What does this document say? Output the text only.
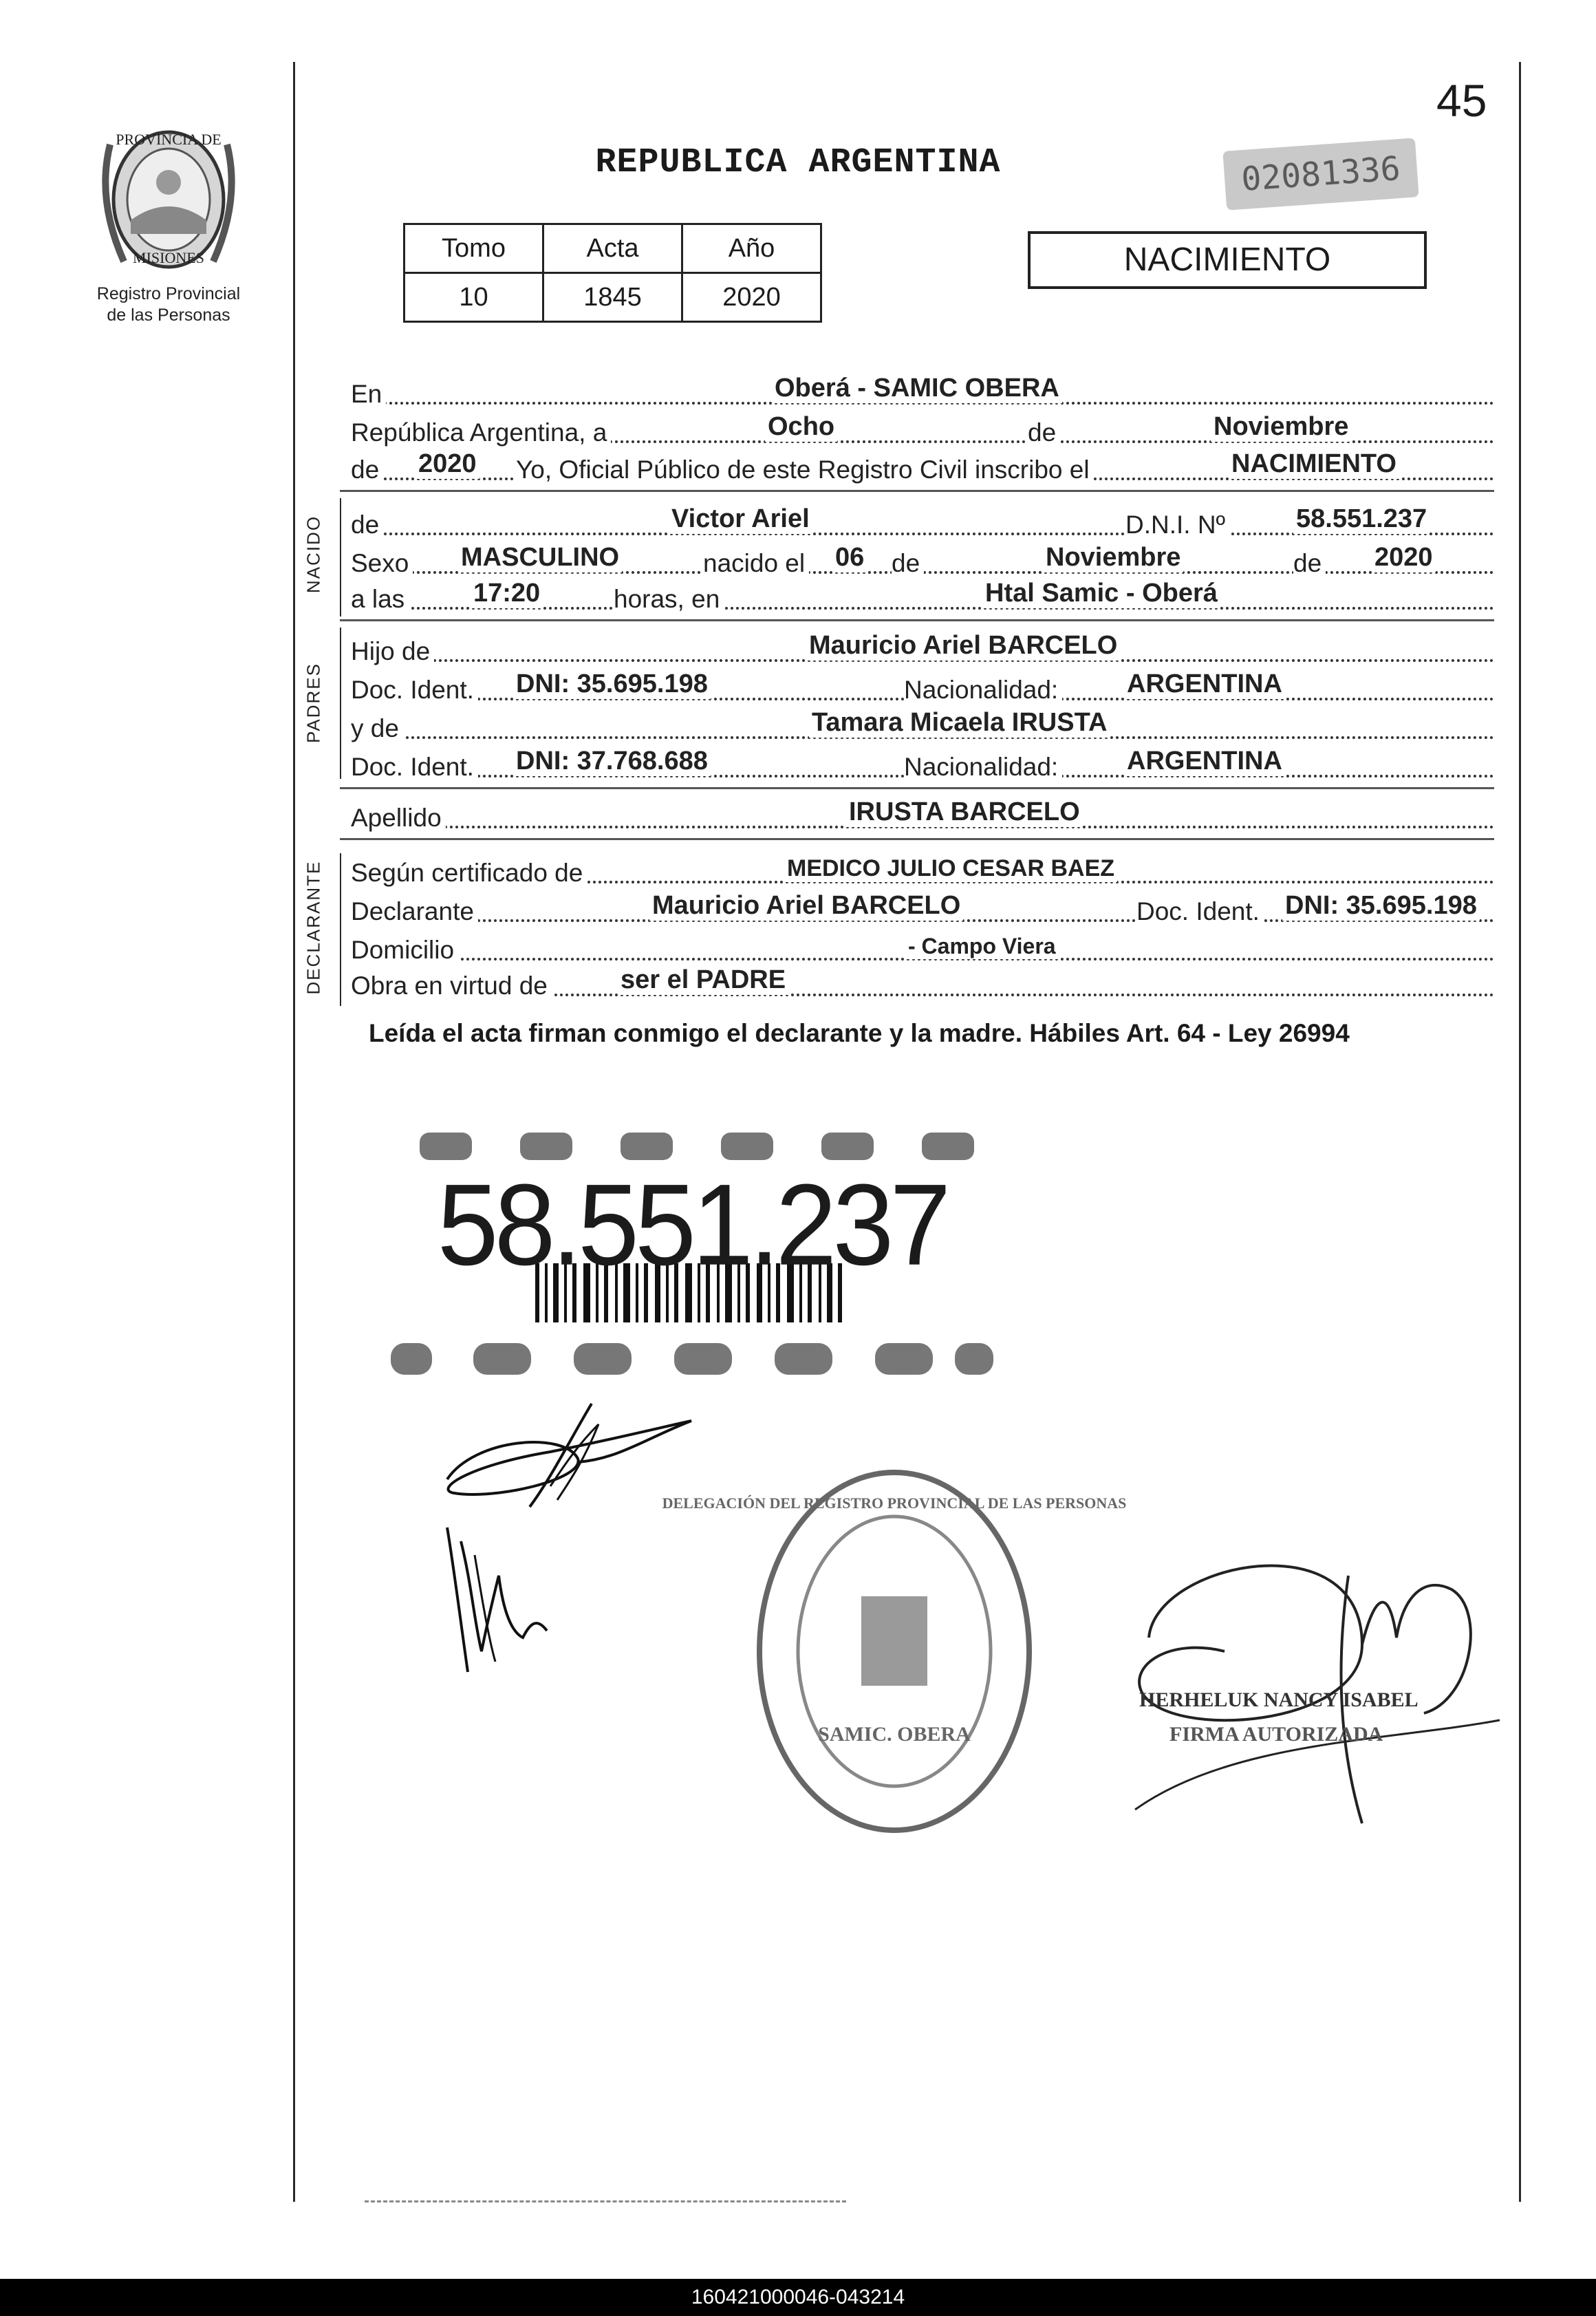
45
PROVINCIA DE
MISIONES
Registro Provincial
de las Personas
REPUBLICA ARGENTINA	02081336
Tomo	Acta	Año
10	1845	2020
NACIMIENTO
En	Oberá - SAMIC OBERA
República Argentina, a	Ocho	de	Noviembre
de 2020 Yo, Oficial Público de este Registro Civil inscribo el	NACIMIENTO
NACIDO de	Victor Ariel	D.N.I. Nº	58.551.237
Sexo MASCULINO	nacido el 06 de	Noviembre	de 2020
a las	17:20	horas, en	Htal Samic - Oberá
PADRES
Hijo de	Mauricio Ariel BARCELO
Doc. Ident. DNI: 35.695.198	Nacionalidad:	ARGENTINA
y de	Tamara Micaela IRUSTA
Doc. Ident. DNI: 37.768.688	Nacionalidad:	ARGENTINA
Apellido	IRUSTA BARCELO
DECLARANTE Según certificado de	MEDICO JULIO CESAR BAEZ
Declarante	Mauricio Ariel BARCELO	Doc. Ident. DNI: 35.695.198
Domicilio	- Campo Viera
Obra en virtud de	ser el PADRE
Leída el acta firman conmigo el declarante y la madre. Hábiles Art. 64 - Ley 26994
58.551.237
DELEGACIÓN DEL REGISTRO PROVINCIAL DE LAS PERSONAS
SAMIC. OBERA
HERHELUK NANCY ISABEL
FIRMA AUTORIZADA
160421000046-043214
